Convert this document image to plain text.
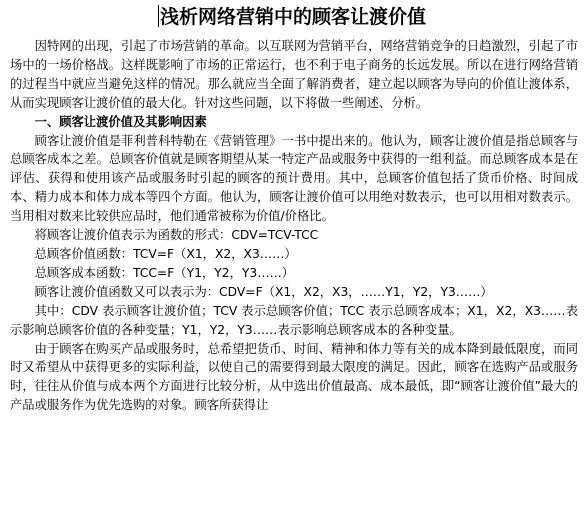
浅析网络营销中的顾客让渡价值

因特网的出现，引起了市场营销的革命。以互联网为营销平台，网络营销竞争的日趋激烈，引起了市场中的一场价格战。这样既影响了市场的正常运行，也不利于电子商务的长远发展。所以在进行网络营销的过程当中就应当避免这样的情况。那么就应当全面了解消费者，建立起以顾客为导向的价值让渡体系，从而实现顾客让渡价值的最大化。针对这些问题，以下将做一些阐述、分析。

一、顾客让渡价值及其影响因素

顾客让渡价值是菲利普科特勒在《营销管理》一书中提出来的。他认为，顾客让渡价值是指总顾客与总顾客成本之差。总顾客价值就是顾客期望从某一特定产品或服务中获得的一组利益。而总顾客成本是在评估、获得和使用该产品或服务时引起的顾客的预计费用。其中，总顾客价值包括了货币价格、时间成本、精力成本和体力成本等四个方面。他认为，顾客让渡价值可以用绝对数表示，也可以用相对数表示。当用相对数来比较供应品时，他们通常被称为价值/价格比。

将顾客让渡价值表示为函数的形式：CDV=TCV-TCC

总顾客价值函数：TCV=F（X1，X2，X3……）

总顾客成本函数：TCC=F（Y1，Y2，Y3……）

顾客让渡价值函数又可以表示为：CDV=F（X1，X2，X3，……Y1，Y2，Y3……）

其中：CDV 表示顾客让渡价值；TCV 表示总顾客价值；TCC 表示总顾客成本；X1，X2，X3……表示影响总顾客价值的各种变量；Y1，Y2，Y3……表示影响总顾客成本的各种变量。

由于顾客在购买产品或服务时，总希望把货币、时间、精神和体力等有关的成本降到最低限度，而同时又希望从中获得更多的实际利益，以使自己的需要得到最大限度的满足。因此，顾客在选购产品或服务时，往往从价值与成本两个方面进行比较分析，从中选出价值最高、成本最低，即“顾客让渡价值”最大的产品或服务作为优先选购的对象。顾客所获得让
